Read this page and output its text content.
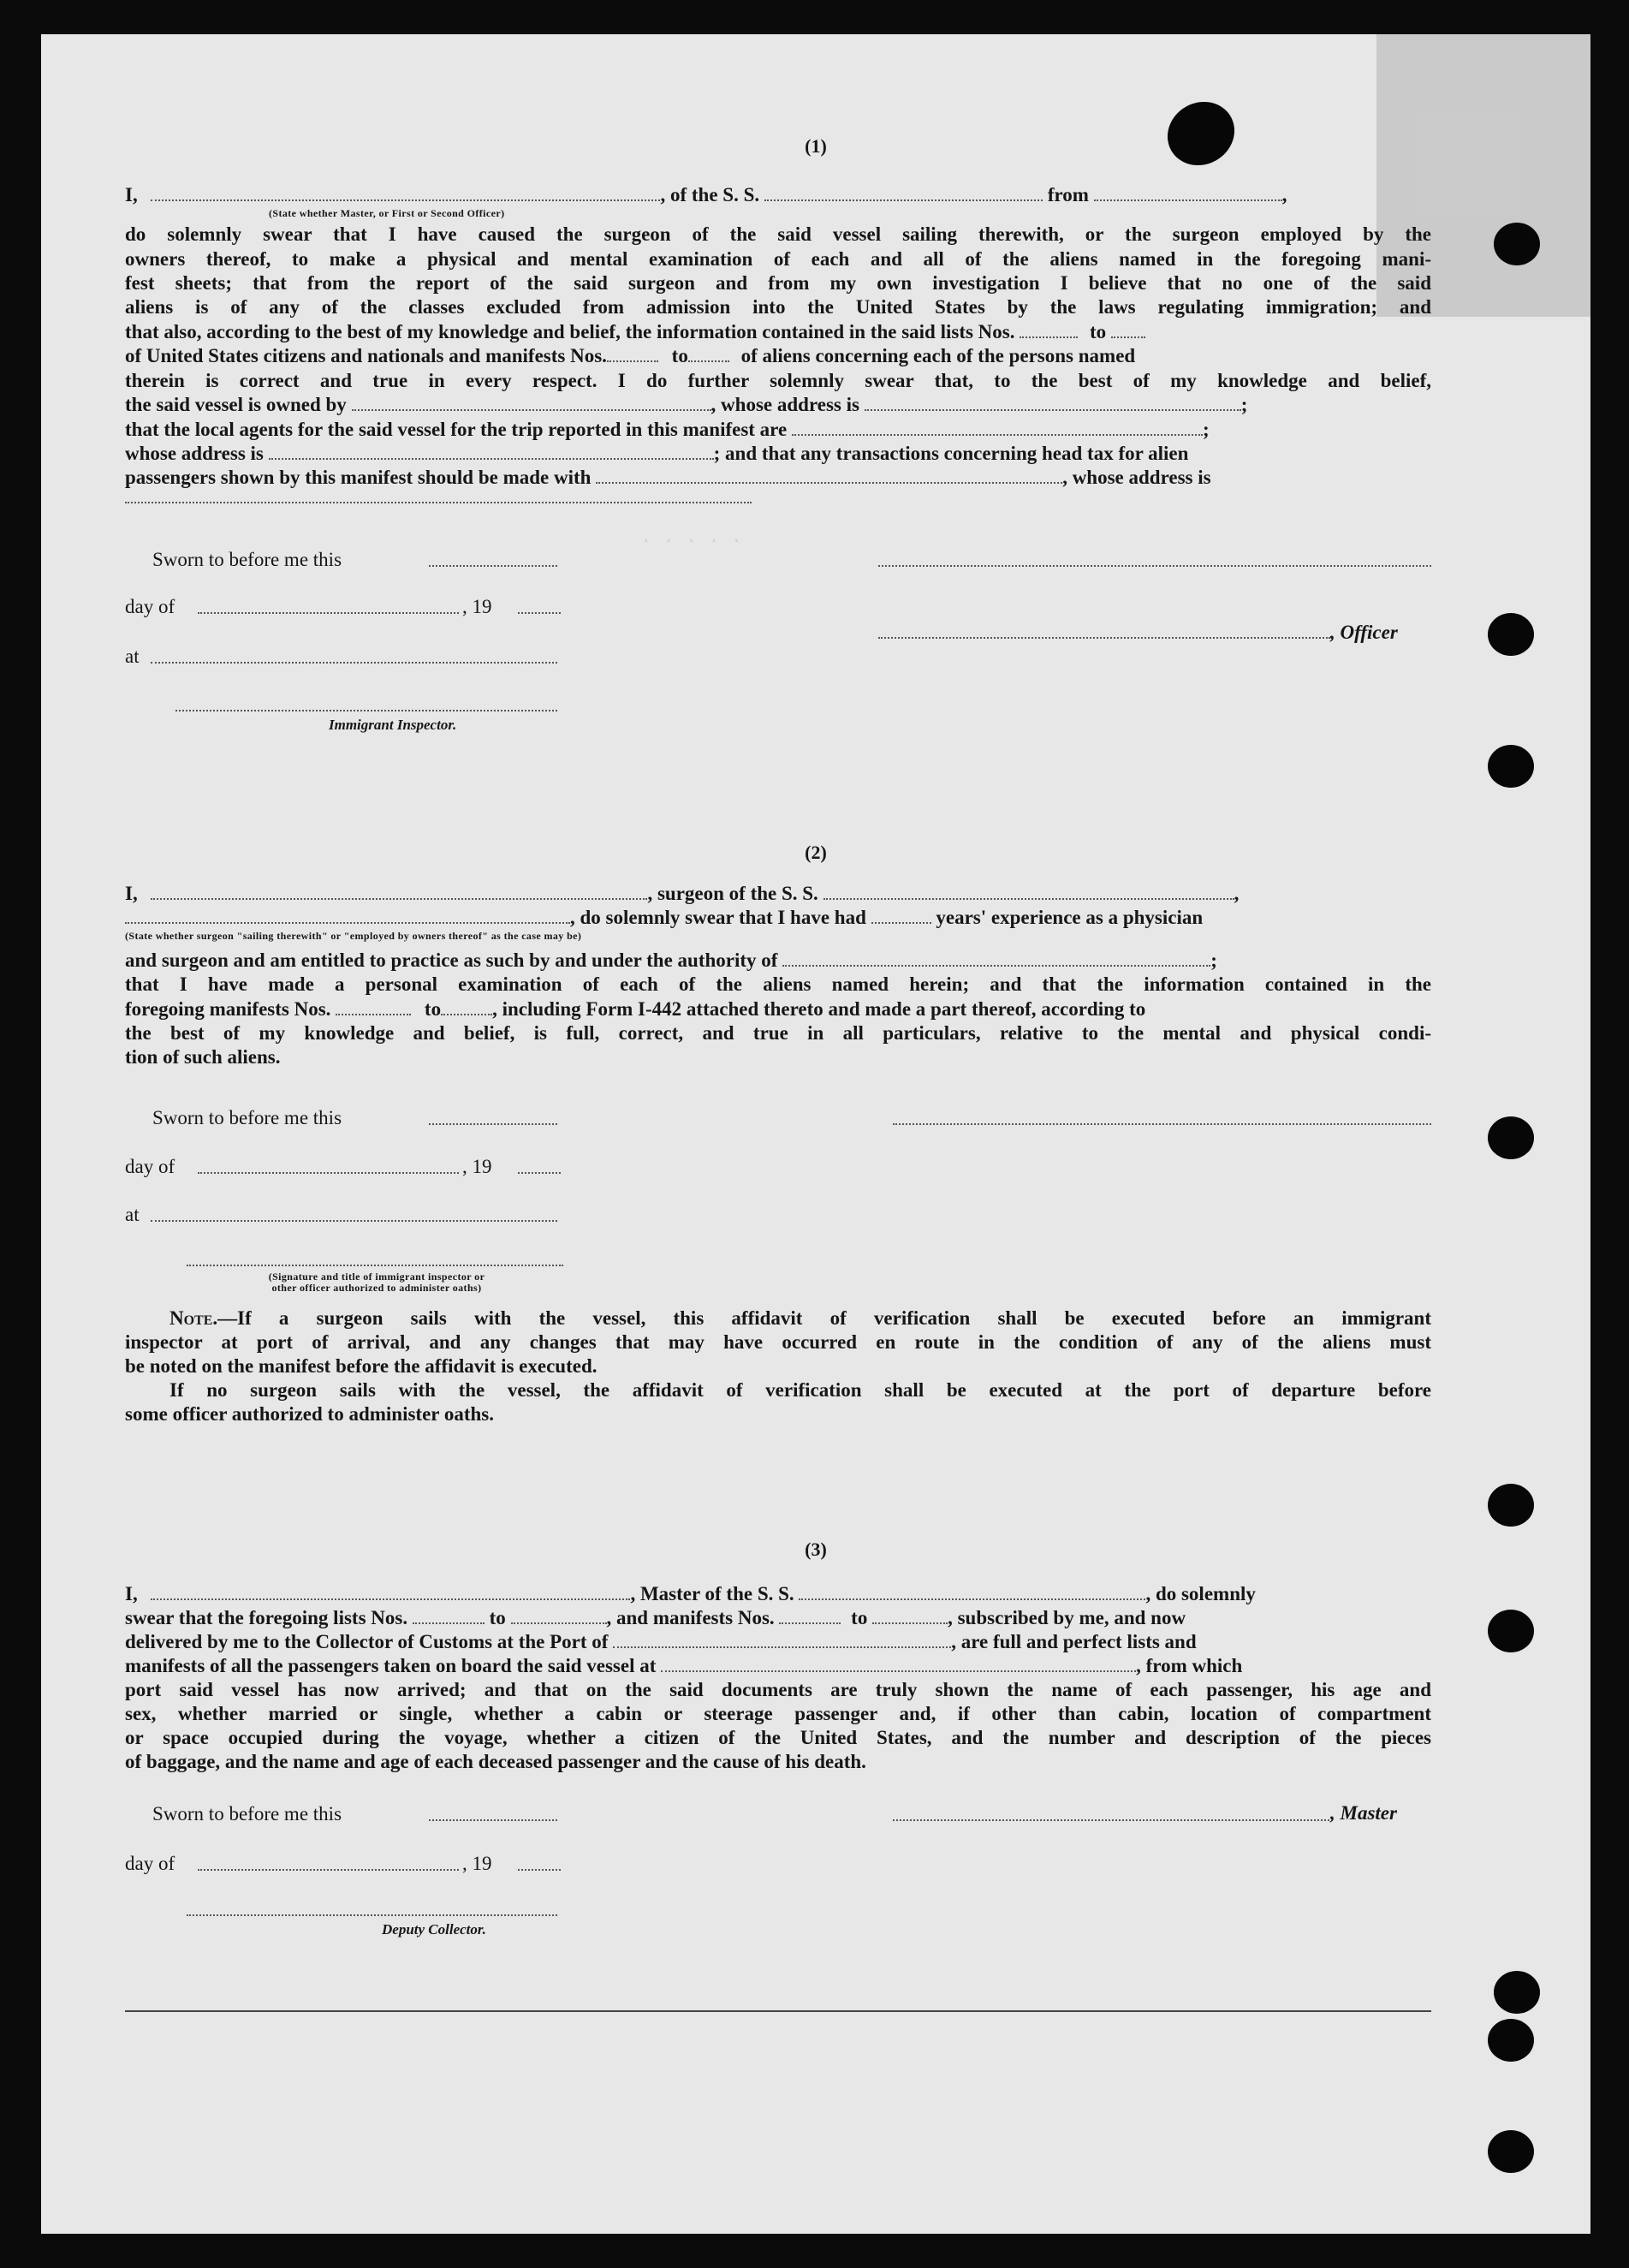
· · · · ·
(1)
I,	, of the S. S.	from	,
(State whether Master, or First or Second Officer)
do solemnly swear that I have caused the surgeon of the said vessel sailing therewith, or the surgeon employed by the
owners thereof, to make a physical and mental examination of each and all of the aliens named in the foregoing mani-
fest sheets; that from the report of the said surgeon and from my own investigation I believe that no one of the said
aliens is of any of the classes excluded from admission into the United States by the laws regulating immigration; and
that also, according to the best of my knowledge and belief, the information contained in the said lists Nos.	to
of United States citizens and nationals and manifests Nos.	to	of aliens concerning each of the persons named
therein is correct and true in every respect. I do further solemnly swear that, to the best of my knowledge and belief,
the said vessel is owned by	, whose address is	;
that the local agents for the said vessel for the trip reported in this manifest are	;
whose address is	; and that any transactions concerning head tax for alien
passengers shown by this manifest should be made with	, whose address is
Sworn to before me this
day of	, 19
, Officer
at
Immigrant Inspector.
(2)
I,	, surgeon of the S. S.	,
, do solemnly swear that I have had	years' experience as a physician
(State whether surgeon "sailing therewith" or "employed by owners thereof" as the case may be)
and surgeon and am entitled to practice as such by and under the authority of	;
that I have made a personal examination of each of the aliens named herein; and that the information contained in the
foregoing manifests Nos.	to	, including Form I-442 attached thereto and made a part thereof, according to
the best of my knowledge and belief, is full, correct, and true in all particulars, relative to the mental and physical condi-
tion of such aliens.
Sworn to before me this
day of	, 19
at
(Signature and title of immigrant inspector or
other officer authorized to administer oaths)
Note.—If a surgeon sails with the vessel, this affidavit of verification shall be executed before an immigrant
inspector at port of arrival, and any changes that may have occurred en route in the condition of any of the aliens must
be noted on the manifest before the affidavit is executed.
If no surgeon sails with the vessel, the affidavit of verification shall be executed at the port of departure before
some officer authorized to administer oaths.
(3)
I,	, Master of the S. S.	, do solemnly
swear that the foregoing lists Nos.	to	, and manifests Nos.	to	, subscribed by me, and now
delivered by me to the Collector of Customs at the Port of	, are full and perfect lists and
manifests of all the passengers taken on board the said vessel at	, from which
port said vessel has now arrived; and that on the said documents are truly shown the name of each passenger, his age and
sex, whether married or single, whether a cabin or steerage passenger and, if other than cabin, location of compartment
or space occupied during the voyage, whether a citizen of the United States, and the number and description of the pieces
of baggage, and the name and age of each deceased passenger and the cause of his death.
Sworn to before me this	, Master
day of	, 19
Deputy Collector.
